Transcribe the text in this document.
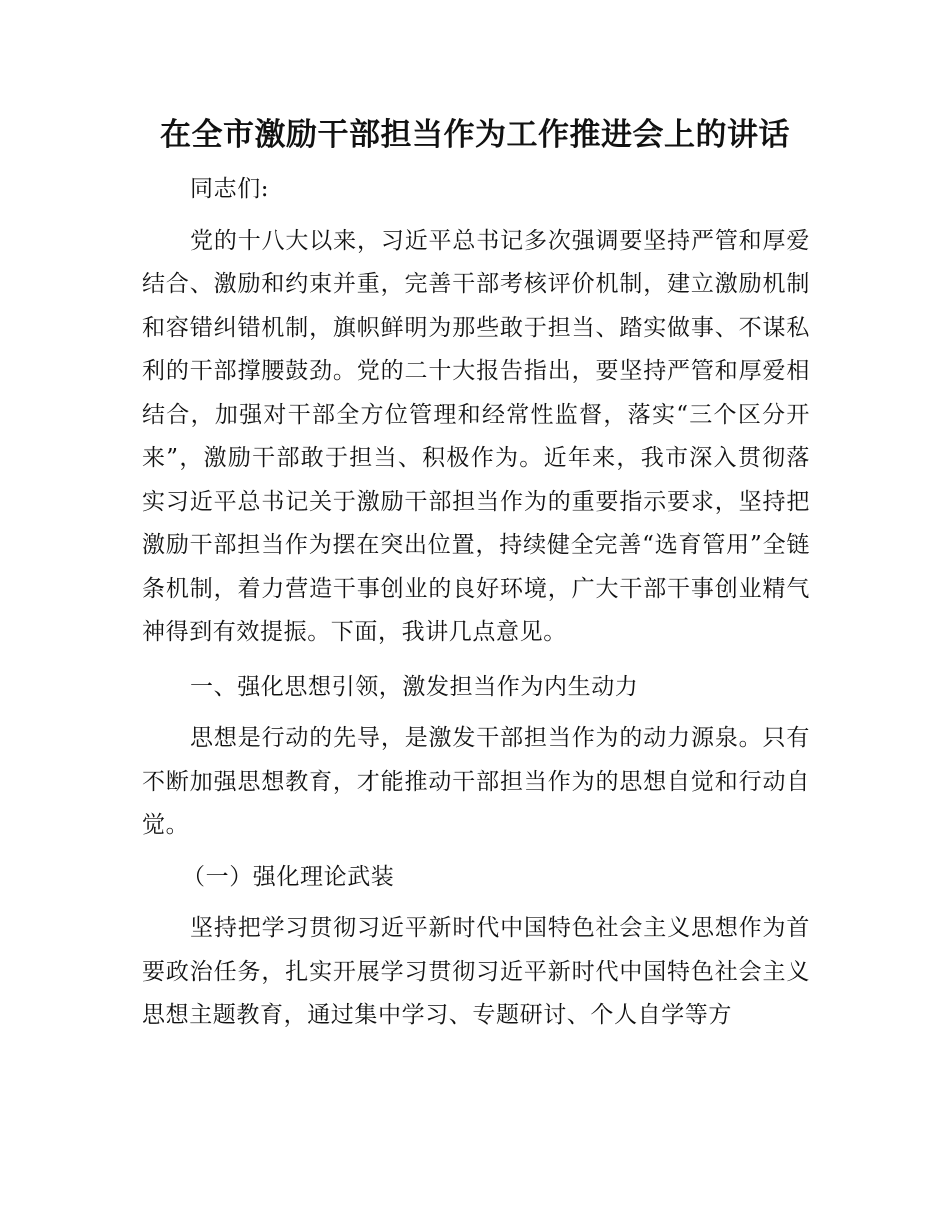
在全市激励干部担当作为工作推进会上的讲话

同志们:

党的十八大以来，习近平总书记多次强调要坚持严管和厚爱结合、激励和约束并重，完善干部考核评价机制，建立激励机制和容错纠错机制，旗帜鲜明为那些敢于担当、踏实做事、不谋私利的干部撑腰鼓劲。党的二十大报告指出，要坚持严管和厚爱相结合，加强对干部全方位管理和经常性监督，落实“三个区分开来”，激励干部敢于担当、积极作为。近年来，我市深入贯彻落实习近平总书记关于激励干部担当作为的重要指示要求，坚持把激励干部担当作为摆在突出位置，持续健全完善“选育管用”全链条机制，着力营造干事创业的良好环境，广大干部干事创业精气神得到有效提振。下面，我讲几点意见。

一、强化思想引领，激发担当作为内生动力

思想是行动的先导，是激发干部担当作为的动力源泉。只有不断加强思想教育，才能推动干部担当作为的思想自觉和行动自觉。

（一）强化理论武装

坚持把学习贯彻习近平新时代中国特色社会主义思想作为首要政治任务，扎实开展学习贯彻习近平新时代中国特色社会主义思想主题教育，通过集中学习、专题研讨、个人自学等方
